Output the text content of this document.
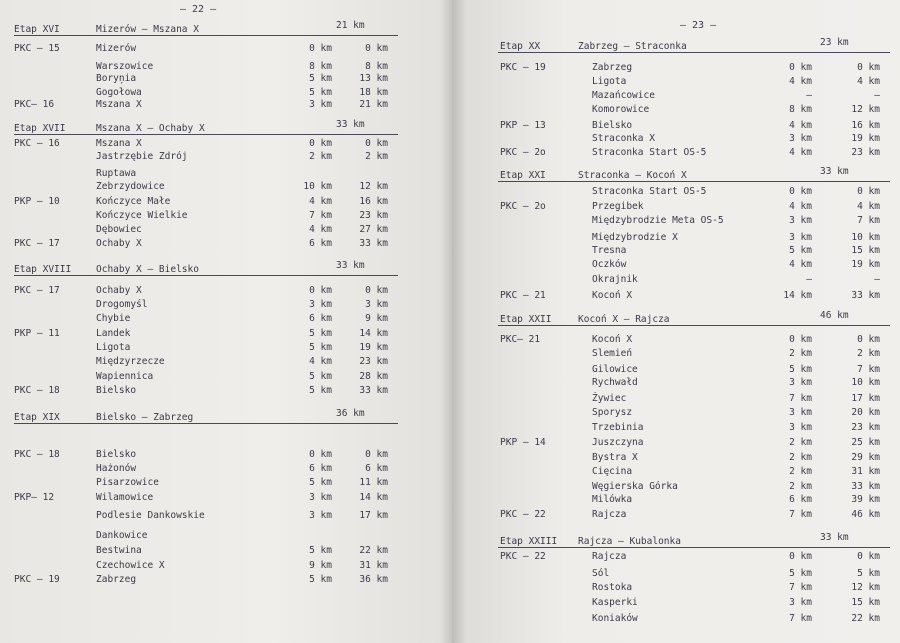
– 22 –
Etap XVI	Mizerów – Mszana X	21 km
PKC – 15	Mizerów	0 km	0 km
Warszowice	8 km	8 km
Boryņia	5 km	13 km
Gogołowa	5 km	18 km
PKC– 16	Mszana X	3 km	21 km
Etap XVII	Mszana X – Ochaby X	33 km
PKC – 16	Mszana X	0 km	0 km
Jastrzębie Zdrój	2 km	2 km
Ruptawa
Zebrzydowice	10 km	12 km
PKP – 10	Kończyce Małe	4 km	16 km
Kończyce Wielkie	7 km	23 km
Dębowiec	4 km	27 km
PKC – 17	Ochaby X	6 km	33 km
Etap XVIII	Ochaby X – Bielsko	33 km
PKC – 17	Ochaby X	0 km	0 km
Drogomyśl	3 km	3 km
Chybie	6 km	9 km
PKP – 11	Landek	5 km	14 km
Ligota	5 km	19 km
Międzyrzecze	4 km	23 km
Wapiennica	5 km	28 km
PKC – 18	Bielsko	5 km	33 km
Etap XIX	Bielsko – Zabrzeg	36 km
PKC – 18	Bielsko	0 km	0 km
Hażonów	6 km	6 km
Pisarzowice	5 km	11 km
PKP– 12	Wilamowice	3 km	14 km
Podlesie Dankowskie	3 km	17 km
Dankowice
Bestwina	5 km	22 km
Czechowice X	9 km	31 km
PKC – 19	Zabrzeg	5 km	36 km
– 23 –
Etap XX	Zabrzeg – Straconka	23 km
PKC – 19	Zabrzeg	0 km	0 km
Ligota	4 km	4 km
Mazańcowice	–	–
Komorowice	8 km	12 km
PKP – 13	Bielsko	4 km	16 km
Straconka X	3 km	19 km
PKC – 2o	Straconka Start OS-5	4 km	23 km
Etap XXI	Straconka – Kocoń X	33 km
Straconka Start OS-5	0 km	0 km
PKC – 2o	Przegibek	4 km	4 km
Międzybrodzie Meta OS-5	3 km	7 km
Międzybrodzie X	3 km	10 km
Tresna	5 km	15 km
Oczków	4 km	19 km
Okrajnik	–	–
PKC – 21	Kocoń X	14 km	33 km
Etap XXII	Kocoń X – Rajcza	46 km
PKC– 21	Kocoń X	0 km	0 km
Slemień	2 km	2 km
Gilowice	5 km	7 km
Rychwałd	3 km	10 km
Żywiec	7 km	17 km
Sporysz	3 km	20 km
Trzebinia	3 km	23 km
PKP – 14	Juszczyna	2 km	25 km
Bystra X	2 km	29 km
Cięcina	2 km	31 km
Węgierska Górka	2 km	33 km
Milówka	6 km	39 km
PKC – 22	Rajcza	7 km	46 km
Etap XXIII Rajcza – Kubalonka	33 km
PKC – 22	Rajcza	0 km	0 km
Sól	5 km	5 km
Rostoka	7 km	12 km
Kasperki	3 km	15 km
Koniaków	7 km	22 km
